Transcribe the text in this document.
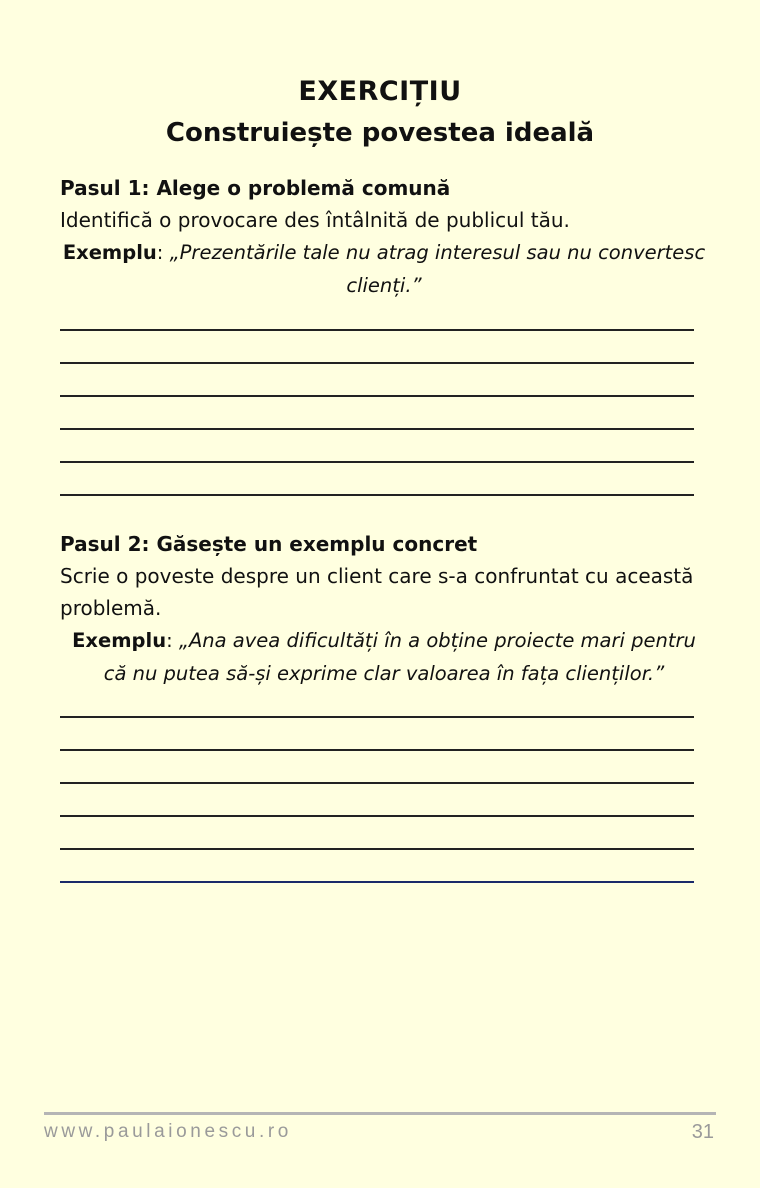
EXERCIȚIU
Construiește povestea ideală
Pasul 1: Alege o problemă comună
Identifică o provocare des întâlnită de publicul tău.
Exemplu: „Prezentările tale nu atrag interesul sau nu convertesc clienți.”
Pasul 2: Găsește un exemplu concret
Scrie o poveste despre un client care s-a confruntat cu această problemă.
Exemplu: „Ana avea dificultăți în a obține proiecte mari pentru că nu putea să-și exprime clar valoarea în fața clienților.”
www.paulaionescu.ro	31
